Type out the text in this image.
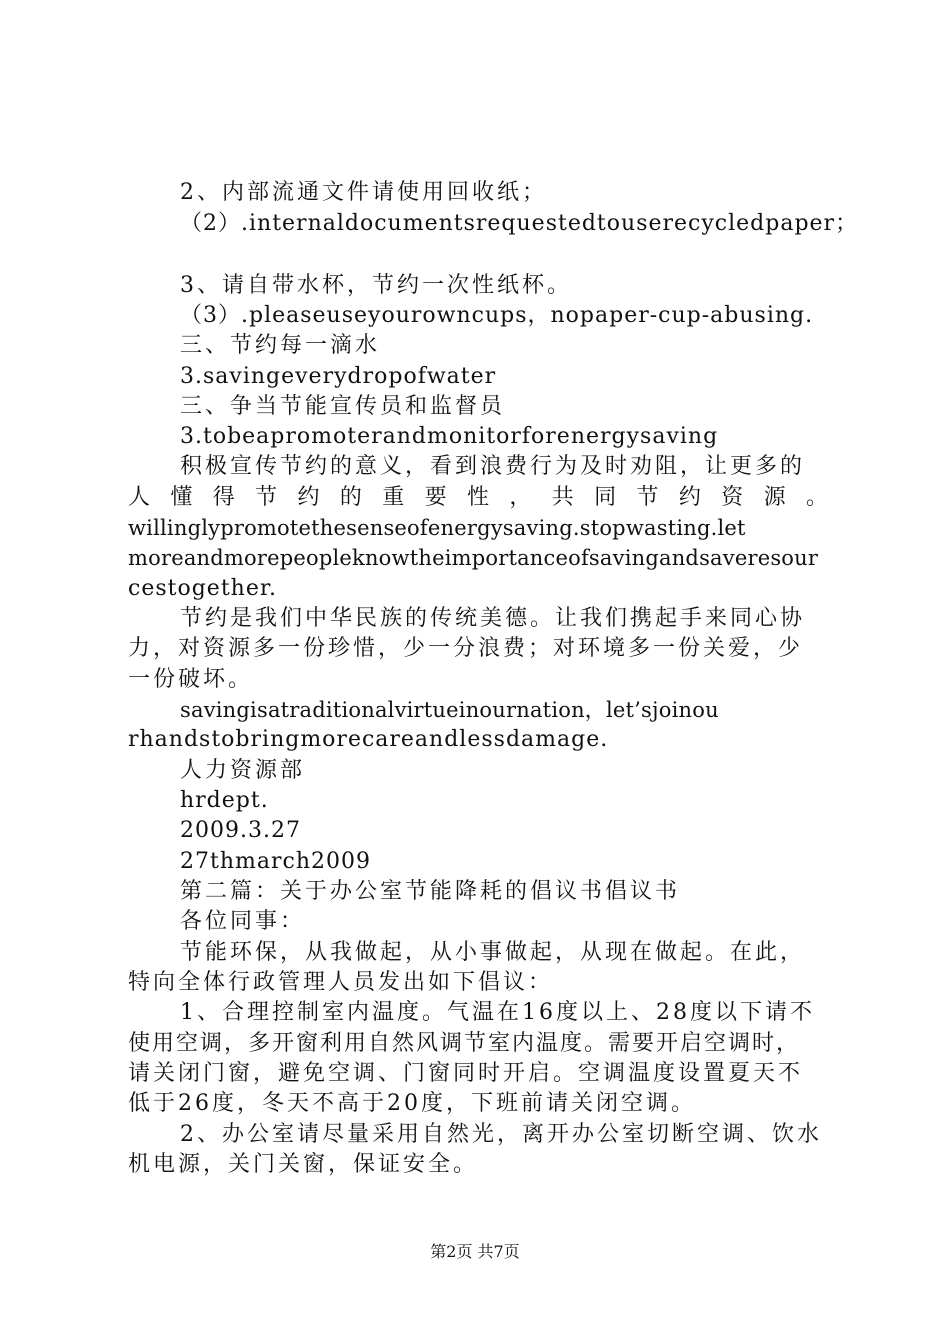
2、内部流通文件请使用回收纸；
（2）.internaldocumentsrequestedtouserecycledpaper；
3、请自带水杯，节约一次性纸杯。
（3）.pleaseuseyourowncups，nopaper-cup-abusing.
三、节约每一滴水
3.savingeverydropofwater
三、争当节能宣传员和监督员
3.tobeapromoterandmonitorforenergysaving
积极宣传节约的意义，看到浪费行为及时劝阻，让更多的
人懂得节约的重要性，共同节约资源。
willinglypromotethesenseofenergysaving.stopwasting.let
moreandmorepeopleknowtheimportanceofsavingandsaveresour
cestogether.
节约是我们中华民族的传统美德。让我们携起手来同心协
力，对资源多一份珍惜，少一分浪费；对环境多一份关爱，少
一份破坏。
savingisatraditionalvirtueinournation，let’sjoinou
rhandstobringmorecareandlessdamage.
人力资源部
hrdept.
2009.3.27
27thmarch2009
第二篇：关于办公室节能降耗的倡议书倡议书
各位同事：
节能环保，从我做起，从小事做起，从现在做起。在此，
特向全体行政管理人员发出如下倡议：
1、合理控制室内温度。气温在16度以上、28度以下请不
使用空调，多开窗利用自然风调节室内温度。需要开启空调时，
请关闭门窗，避免空调、门窗同时开启。空调温度设置夏天不
低于26度，冬天不高于20度，下班前请关闭空调。
2、办公室请尽量采用自然光，离开办公室切断空调、饮水
机电源，关门关窗，保证安全。
第2页 共7页
